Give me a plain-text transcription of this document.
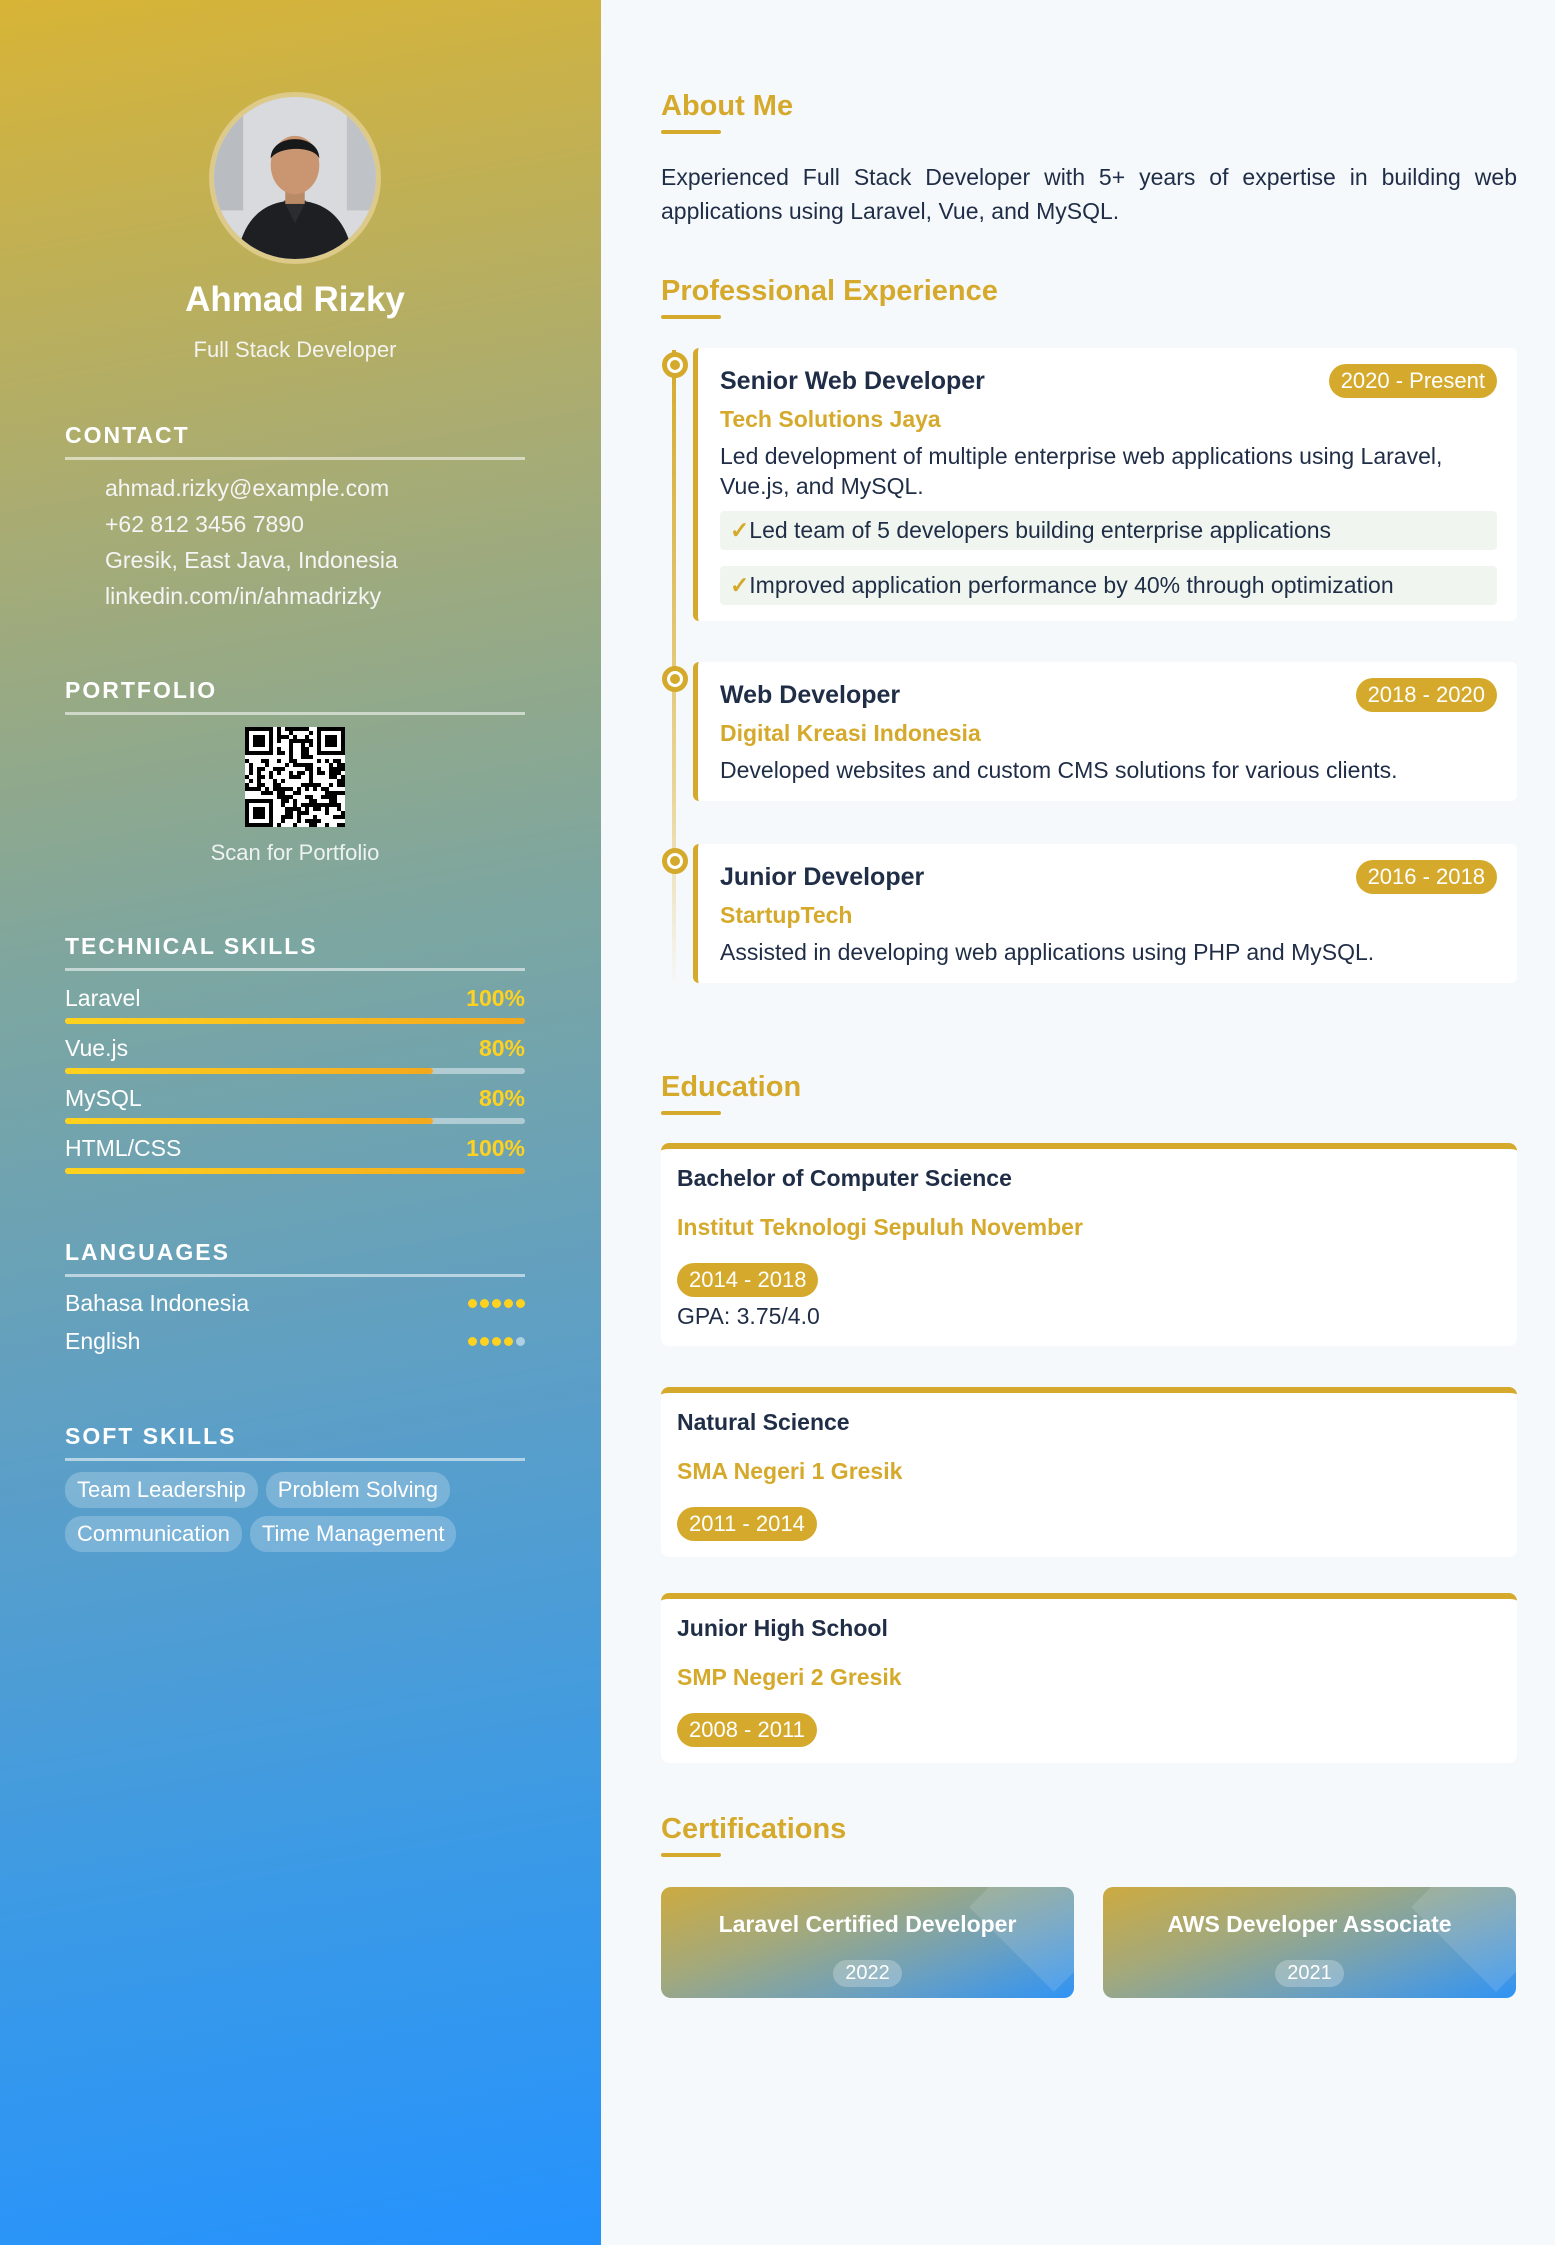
Ahmad Rizky
Full Stack Developer
CONTACT
ahmad.rizky@example.com
+62 812 3456 7890
Gresik, East Java, Indonesia
linkedin.com/in/ahmadrizky
PORTFOLIO
Scan for Portfolio
TECHNICAL SKILLS
Laravel	100%
Vue.js	80%
MySQL	80%
HTML/CSS	100%
LANGUAGES
Bahasa Indonesia
English
SOFT SKILLS
Team Leadership	Problem Solving
Communication	Time Management
About Me

Experienced Full Stack Developer with 5+ years of expertise in building web applications using Laravel, Vue, and MySQL.

Professional Experience
Senior Web Developer	2020 - Present
Tech Solutions Jaya
Led development of multiple enterprise web applications using Laravel, Vue.js, and MySQL.
✓Led team of 5 developers building enterprise applications
✓Improved application performance by 40% through optimization
Web Developer	2018 - 2020
Digital Kreasi Indonesia
Developed websites and custom CMS solutions for various clients.
Junior Developer	2016 - 2018
StartupTech
Assisted in developing web applications using PHP and MySQL.
Education
Bachelor of Computer Science
Institut Teknologi Sepuluh November
2014 - 2018
GPA: 3.75/4.0
Natural Science
SMA Negeri 1 Gresik
2011 - 2014
Junior High School
SMP Negeri 2 Gresik
2008 - 2011
Certifications
Laravel Certified Developer
2022
AWS Developer Associate
2021
